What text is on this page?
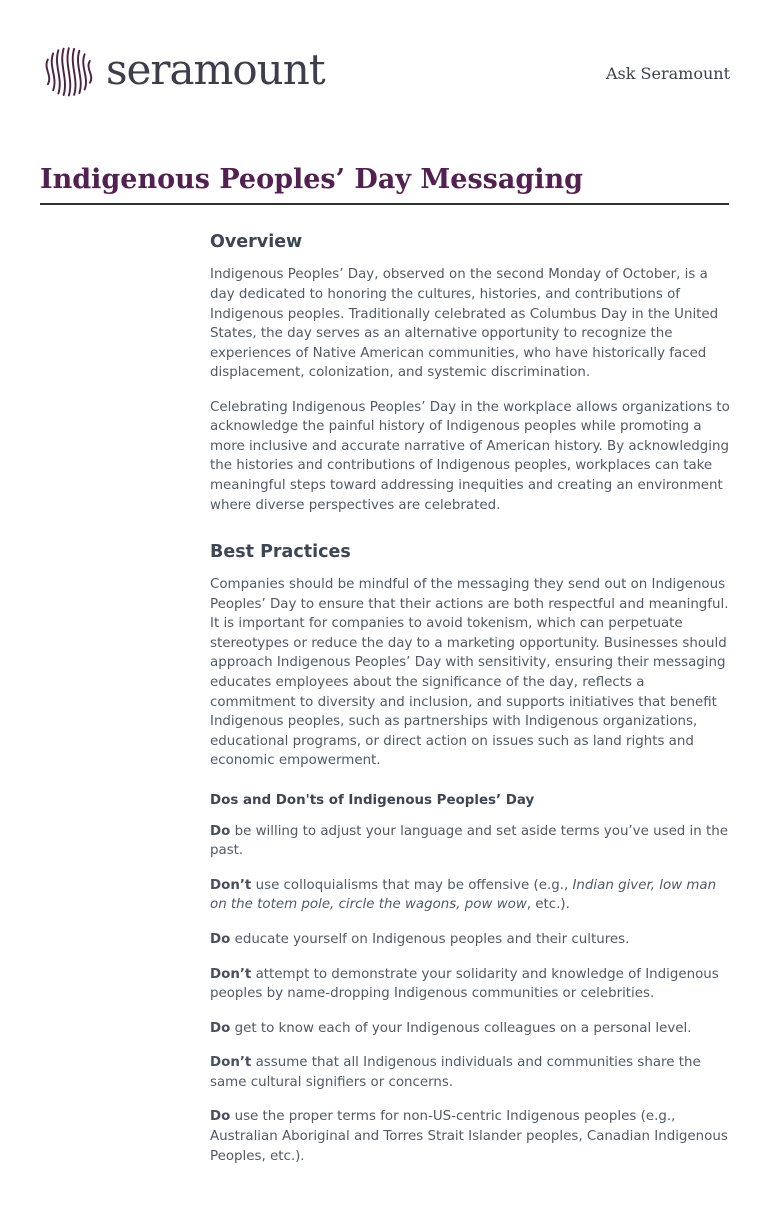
seramount	Ask Seramount
Indigenous Peoples’ Day Messaging
Overview

Indigenous Peoples’ Day, observed on the second Monday of October, is a day dedicated to honoring the cultures, histories, and contributions of Indigenous peoples. Traditionally celebrated as Columbus Day in the United States, the day serves as an alternative opportunity to recognize the experiences of Native American communities, who have historically faced displacement, colonization, and systemic discrimination.

Celebrating Indigenous Peoples’ Day in the workplace allows organizations to acknowledge the painful history of Indigenous peoples while promoting a more inclusive and accurate narrative of American history. By acknowledging the histories and contributions of Indigenous peoples, workplaces can take meaningful steps toward addressing inequities and creating an environment where diverse perspectives are celebrated.

Best Practices

Companies should be mindful of the messaging they send out on Indigenous Peoples’ Day to ensure that their actions are both respectful and meaningful. It is important for companies to avoid tokenism, which can perpetuate stereotypes or reduce the day to a marketing opportunity. Businesses should approach Indigenous Peoples’ Day with sensitivity, ensuring their messaging educates employees about the significance of the day, reflects a commitment to diversity and inclusion, and supports initiatives that benefit Indigenous peoples, such as partnerships with Indigenous organizations, educational programs, or direct action on issues such as land rights and economic empowerment.

Dos and Don'ts of Indigenous Peoples’ Day

Do be willing to adjust your language and set aside terms you’ve used in the past.

Don’t use colloquialisms that may be offensive (e.g., Indian giver, low man on the totem pole, circle the wagons, pow wow, etc.).

Do educate yourself on Indigenous peoples and their cultures.

Don’t attempt to demonstrate your solidarity and knowledge of Indigenous peoples by name-dropping Indigenous communities or celebrities.

Do get to know each of your Indigenous colleagues on a personal level.

Don’t assume that all Indigenous individuals and communities share the same cultural signifiers or concerns.

Do use the proper terms for non-US-centric Indigenous peoples (e.g., Australian Aboriginal and Torres Strait Islander peoples, Canadian Indigenous Peoples, etc.).
